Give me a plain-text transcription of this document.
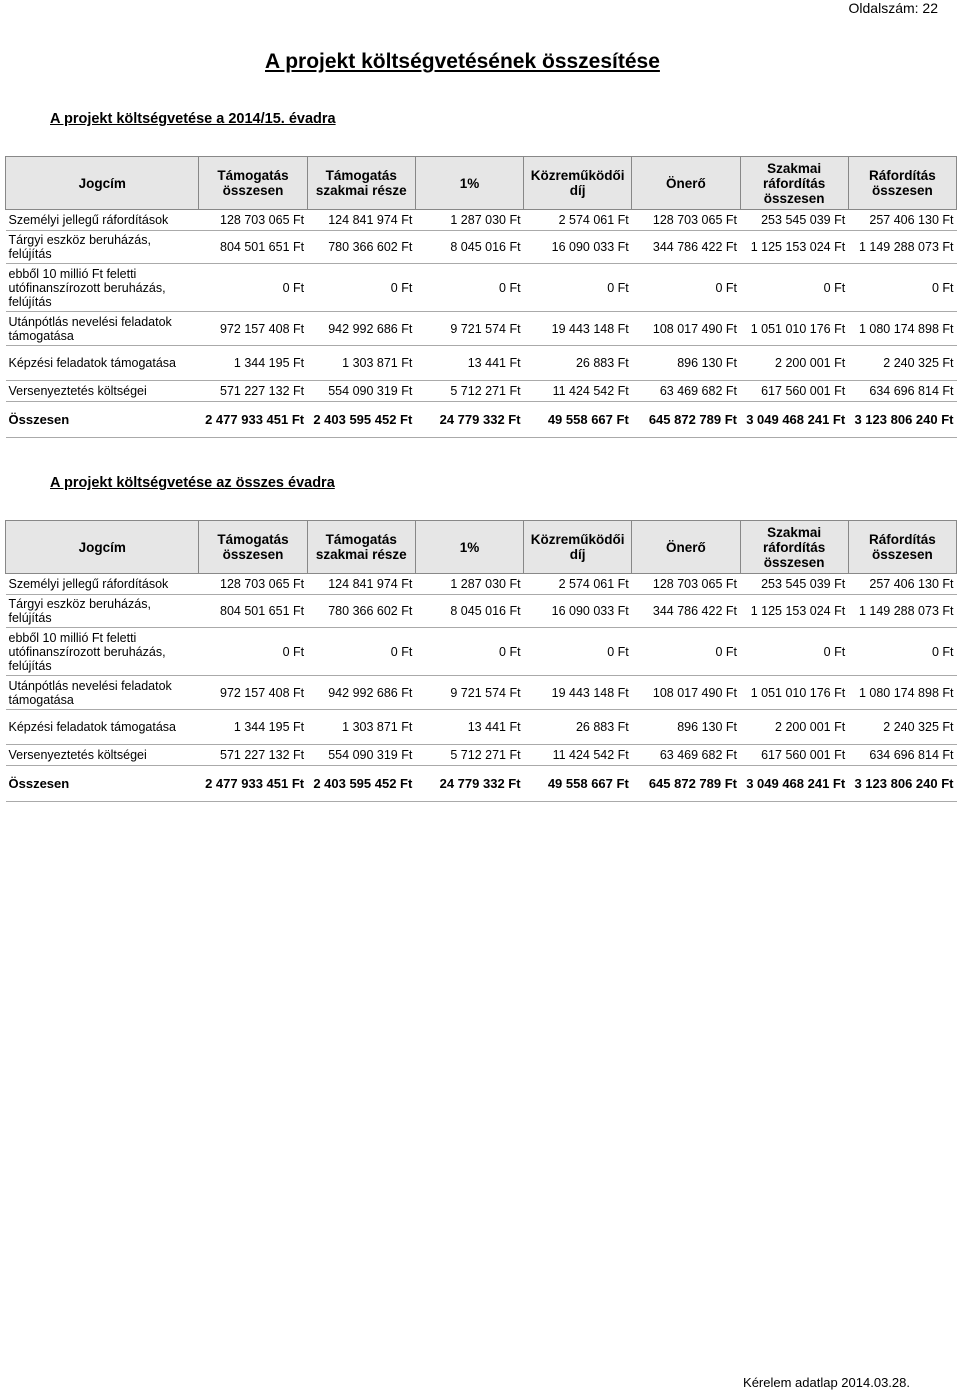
Oldalszám: 22
A projekt költségvetésének összesítése
A projekt költségvetése a 2014/15. évadra
Jogcím	Támogatás összesen	Támogatás szakmai része	1%	Közreműködői díj	Önerő	Szakmai ráfordítás összesen	Ráfordítás összesen
Személyi jellegű ráfordítások	128 703 065 Ft	124 841 974 Ft	1 287 030 Ft	2 574 061 Ft	128 703 065 Ft	253 545 039 Ft	257 406 130 Ft
Tárgyi eszköz beruházás, felújítás	804 501 651 Ft	780 366 602 Ft	8 045 016 Ft	16 090 033 Ft	344 786 422 Ft	1 125 153 024 Ft	1 149 288 073 Ft
ebből 10 millió Ft feletti utófinanszírozott beruházás, felújítás	0 Ft	0 Ft	0 Ft	0 Ft	0 Ft	0 Ft	0 Ft
Utánpótlás nevelési feladatok támogatása	972 157 408 Ft	942 992 686 Ft	9 721 574 Ft	19 443 148 Ft	108 017 490 Ft	1 051 010 176 Ft	1 080 174 898 Ft
Képzési feladatok támogatása	1 344 195 Ft	1 303 871 Ft	13 441 Ft	26 883 Ft	896 130 Ft	2 200 001 Ft	2 240 325 Ft
Versenyeztetés költségei	571 227 132 Ft	554 090 319 Ft	5 712 271 Ft	11 424 542 Ft	63 469 682 Ft	617 560 001 Ft	634 696 814 Ft
Összesen	2 477 933 451 Ft	2 403 595 452 Ft	24 779 332 Ft	49 558 667 Ft	645 872 789 Ft	3 049 468 241 Ft	3 123 806 240 Ft
A projekt költségvetése az összes évadra
Jogcím	Támogatás összesen	Támogatás szakmai része	1%	Közreműködői díj	Önerő	Szakmai ráfordítás összesen	Ráfordítás összesen
Személyi jellegű ráfordítások	128 703 065 Ft	124 841 974 Ft	1 287 030 Ft	2 574 061 Ft	128 703 065 Ft	253 545 039 Ft	257 406 130 Ft
Tárgyi eszköz beruházás, felújítás	804 501 651 Ft	780 366 602 Ft	8 045 016 Ft	16 090 033 Ft	344 786 422 Ft	1 125 153 024 Ft	1 149 288 073 Ft
ebből 10 millió Ft feletti utófinanszírozott beruházás, felújítás	0 Ft	0 Ft	0 Ft	0 Ft	0 Ft	0 Ft	0 Ft
Utánpótlás nevelési feladatok támogatása	972 157 408 Ft	942 992 686 Ft	9 721 574 Ft	19 443 148 Ft	108 017 490 Ft	1 051 010 176 Ft	1 080 174 898 Ft
Képzési feladatok támogatása	1 344 195 Ft	1 303 871 Ft	13 441 Ft	26 883 Ft	896 130 Ft	2 200 001 Ft	2 240 325 Ft
Versenyeztetés költségei	571 227 132 Ft	554 090 319 Ft	5 712 271 Ft	11 424 542 Ft	63 469 682 Ft	617 560 001 Ft	634 696 814 Ft
Összesen	2 477 933 451 Ft	2 403 595 452 Ft	24 779 332 Ft	49 558 667 Ft	645 872 789 Ft	3 049 468 241 Ft	3 123 806 240 Ft
Kérelem adatlap 2014.03.28.
